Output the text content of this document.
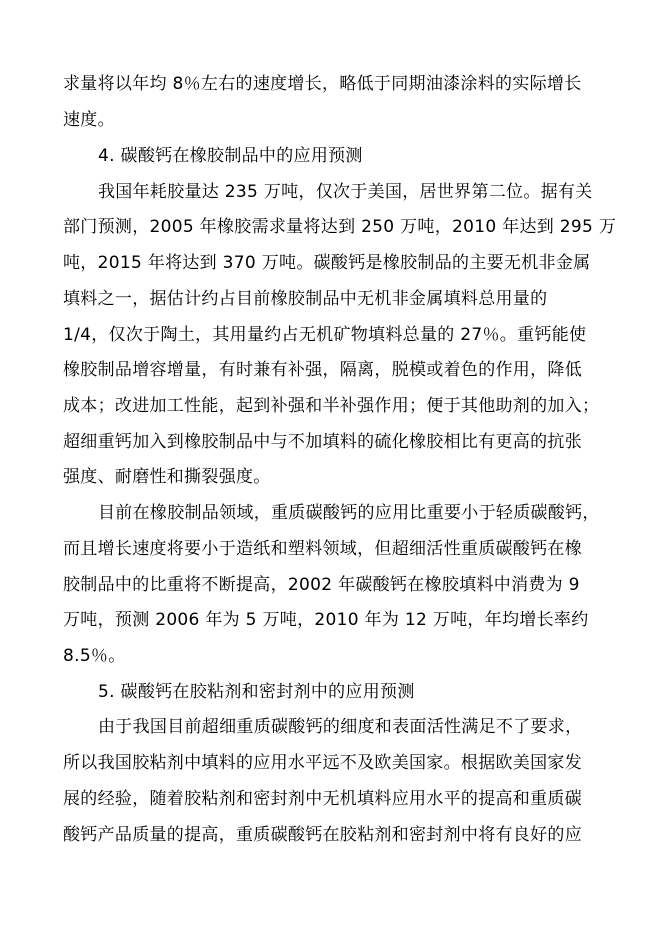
求量将以年均 8％左右的速度增长，略低于同期油漆涂料的实际增长
速度。
4. 碳酸钙在橡胶制品中的应用预测
我国年耗胶量达 235 万吨，仅次于美国，居世界第二位。据有关
部门预测，2005 年橡胶需求量将达到 250 万吨，2010 年达到 295 万
吨，2015 年将达到 370 万吨。碳酸钙是橡胶制品的主要无机非金属
填料之一，据估计约占目前橡胶制品中无机非金属填料总用量的
1/4，仅次于陶土，其用量约占无机矿物填料总量的 27％。重钙能使
橡胶制品增容增量，有时兼有补强，隔离，脱模或着色的作用，降低
成本；改进加工性能，起到补强和半补强作用；便于其他助剂的加入；
超细重钙加入到橡胶制品中与不加填料的硫化橡胶相比有更高的抗张
强度、耐磨性和撕裂强度。
目前在橡胶制品领域，重质碳酸钙的应用比重要小于轻质碳酸钙，
而且增长速度将要小于造纸和塑料领域，但超细活性重质碳酸钙在橡
胶制品中的比重将不断提高，2002 年碳酸钙在橡胶填料中消费为 9
万吨，预测 2006 年为 5 万吨，2010 年为 12 万吨，年均增长率约
8.5％。
5. 碳酸钙在胶粘剂和密封剂中的应用预测
由于我国目前超细重质碳酸钙的细度和表面活性满足不了要求，
所以我国胶粘剂中填料的应用水平远不及欧美国家。根据欧美国家发
展的经验，随着胶粘剂和密封剂中无机填料应用水平的提高和重质碳
酸钙产品质量的提高，重质碳酸钙在胶粘剂和密封剂中将有良好的应
